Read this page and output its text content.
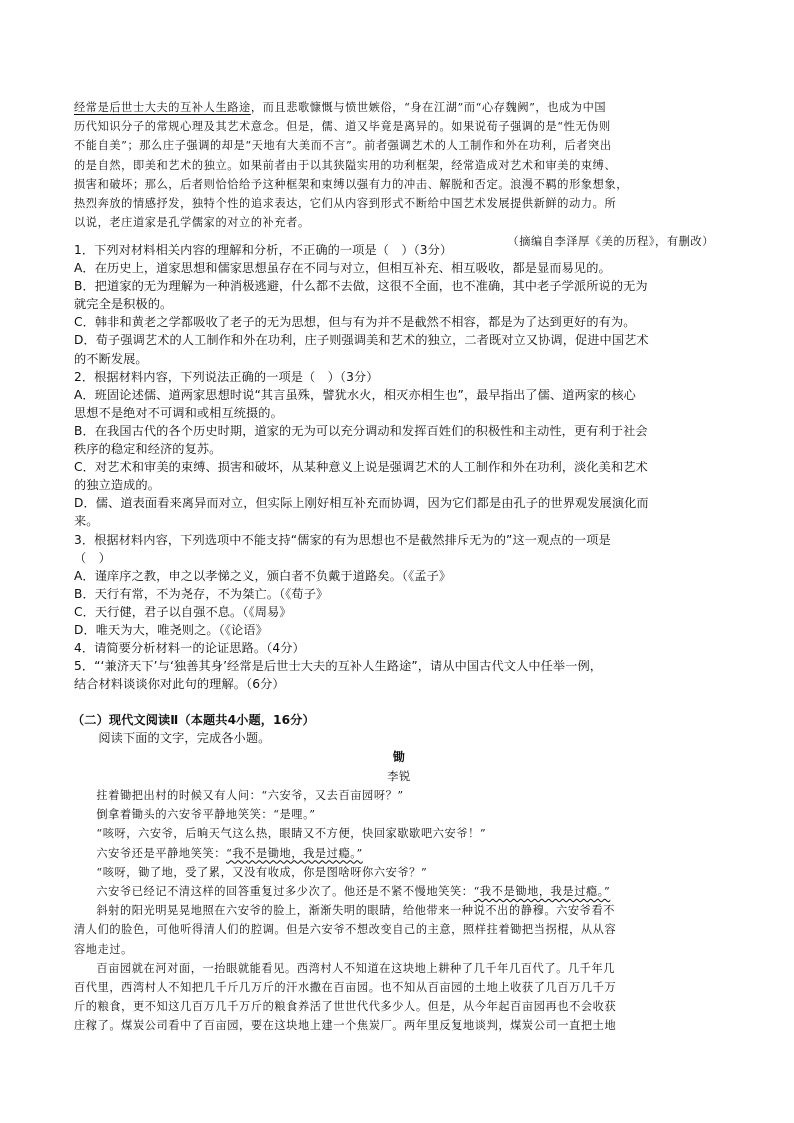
经常是后世士大夫的互补人生路途，而且悲歌慷慨与愤世嫉俗，“身在江湖”而“心存魏阙”，也成为中国

历代知识分子的常规心理及其艺术意念。但是，儒、道又毕竟是离异的。如果说荀子强调的是“性无伪则

不能自美”；那么庄子强调的却是“天地有大美而不言”。前者强调艺术的人工制作和外在功利，后者突出

的是自然，即美和艺术的独立。如果前者由于以其狭隘实用的功利框架，经常造成对艺术和审美的束缚、

损害和破坏；那么，后者则恰恰给予这种框架和束缚以强有力的冲击、解脱和否定。浪漫不羁的形象想象，

热烈奔放的情感抒发，独特个性的追求表达，它们从内容到形式不断给中国艺术发展提供新鲜的动力。所

以说，老庄道家是孔学儒家的对立的补充者。

（摘编自李泽厚《美的历程》，有删改）

1．下列对材料相关内容的理解和分析，不正确的一项是（　）（3分）

A．在历史上，道家思想和儒家思想虽存在不同与对立，但相互补充、相互吸收，都是显而易见的。

B．把道家的无为理解为一种消极逃避，什么都不去做，这很不全面，也不准确，其中老子学派所说的无为

就完全是积极的。

C．韩非和黄老之学都吸收了老子的无为思想，但与有为并不是截然不相容，都是为了达到更好的有为。

D．荀子强调艺术的人工制作和外在功利，庄子则强调美和艺术的独立，二者既对立又协调，促进中国艺术

的不断发展。

2．根据材料内容，下列说法正确的一项是（　）（3分）

A．班固论述儒、道两家思想时说“其言虽殊，譬犹水火，相灭亦相生也”，最早指出了儒、道两家的核心

思想不是绝对不可调和或相互统摄的。

B．在我国古代的各个历史时期，道家的无为可以充分调动和发挥百姓们的积极性和主动性，更有利于社会

秩序的稳定和经济的复苏。

C．对艺术和审美的束缚、损害和破坏，从某种意义上说是强调艺术的人工制作和外在功利，淡化美和艺术

的独立造成的。

D．儒、道表面看来离异而对立，但实际上刚好相互补充而协调，因为它们都是由孔子的世界观发展演化而

来。

3．根据材料内容，下列选项中不能支持“儒家的有为思想也不是截然排斥无为的”这一观点的一项是

（　）

A．谨庠序之教，申之以孝悌之义，颁白者不负戴于道路矣。（《孟子》

B．天行有常，不为尧存，不为桀亡。（《荀子》

C．天行健，君子以自强不息。（《周易》

D．唯天为大，唯尧则之。（《论语》

4．请简要分析材料一的论证思路。（4分）

5．“‘兼济天下’与‘独善其身’经常是后世士大夫的互补人生路途”，请从中国古代文人中任举一例，

结合材料谈谈你对此句的理解。（6分）

（二）现代文阅读Ⅱ（本题共4小题，16分）

阅读下面的文字，完成各小题。

锄

李锐

拄着锄把出村的时候又有人问：“六安爷，又去百亩园呀？”

倒拿着锄头的六安爷平静地笑笑：“是哩。”

“咳呀，六安爷，后晌天气这么热，眼睛又不方便，快回家歇歇吧六安爷！”

六安爷还是平静地笑笑：“我不是锄地，我是过瘾。”

“咳呀，锄了地，受了累，又没有收成，你是图啥呀你六安爷？”

六安爷已经记不清这样的回答重复过多少次了。他还是不紧不慢地笑笑：“我不是锄地，我是过瘾。”

斜射的阳光明晃晃地照在六安爷的脸上，渐渐失明的眼睛，给他带来一种说不出的静穆。六安爷看不

清人们的脸色，可他听得清人们的腔调。但是六安爷不想改变自己的主意，照样拄着锄把当拐棍，从从容

容地走过。

百亩园就在河对面，一抬眼就能看见。西湾村人不知道在这块地上耕种了几千年几百代了。几千年几

百代里，西湾村人不知把几千斤几万斤的汗水撒在百亩园。也不知从百亩园的土地上收获了几百万几千万

斤的粮食，更不知这几百万几千万斤的粮食养活了世世代代多少人。但是，从今年起百亩园再也不会收获

庄稼了。煤炭公司看中了百亩园，要在这块地上建一个焦炭厂。两年里反复地谈判，煤炭公司一直把土地
